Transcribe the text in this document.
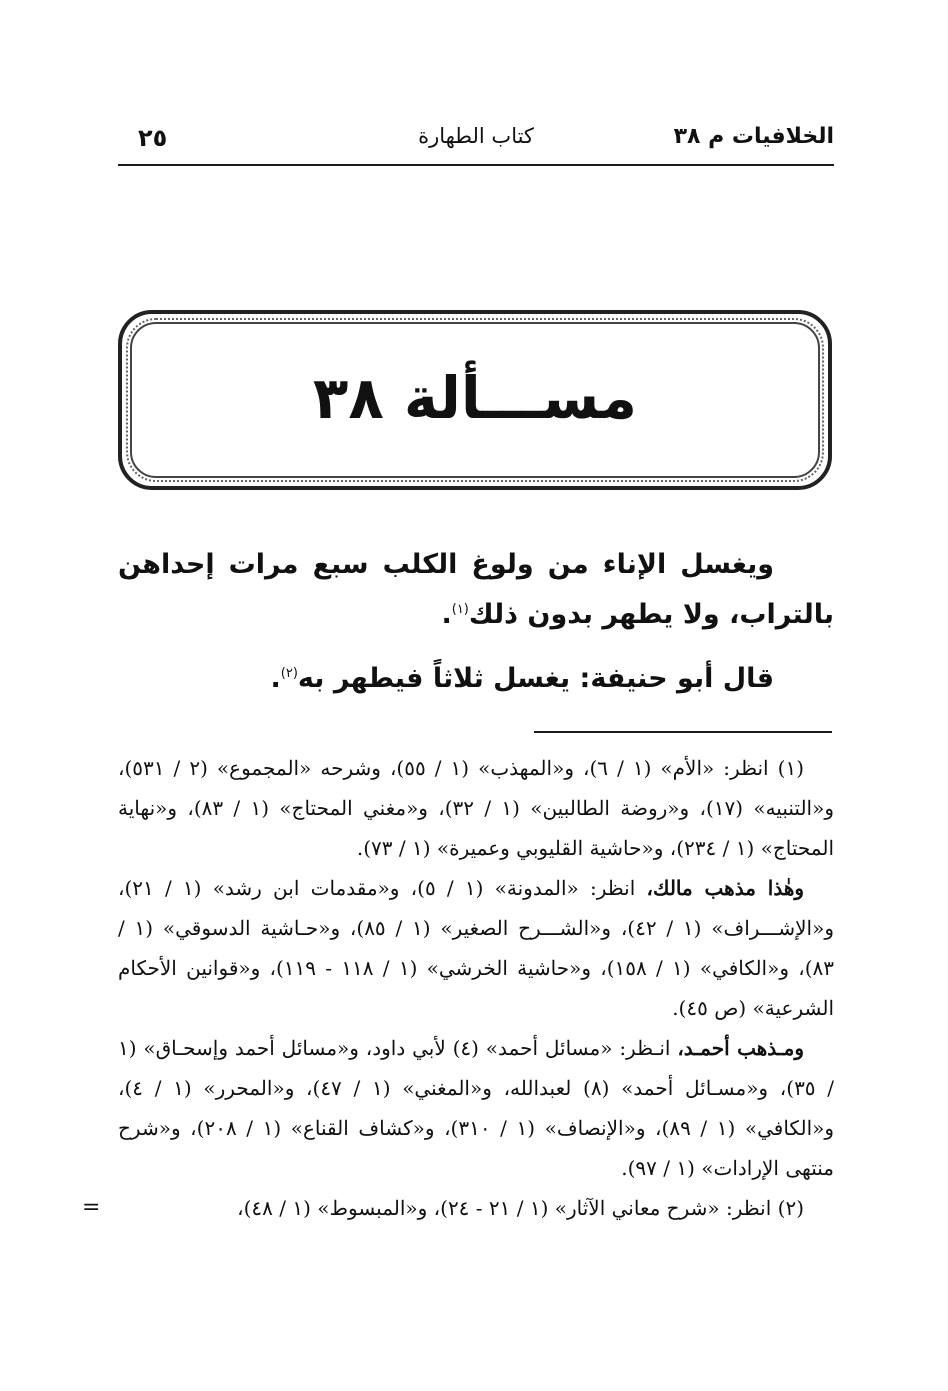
الخلافيات م ٣٨
كتاب الطهارة
٢٥
مســـألة ٣٨

ويغسل الإناء من ولوغ الكلب سبع مرات إحداهن بالتراب، ولا يطهر بدون ذلك$^{(١)}$.

قال أبو حنيفة: يغسل ثلاثاً فيطهر به$^{(٢)}$.

(١) انظر: «الأم» (١ / ٦)، و«المهذب» (١ / ٥٥)، وشرحه «المجموع» (٢ / ٥٣١)، و«التنبيه» (١٧)، و«روضة الطالبين» (١ / ٣٢)، و«مغني المحتاج» (١ / ٨٣)، و«نهاية المحتاج» (١ / ٢٣٤)، و«حاشية القليوبي وعميرة» (١ / ٧٣).

وهٰذا مذهب مالك، انظر: «المدونة» (١ / ٥)، و«مقدمات ابن رشد» (١ / ٢١)، و«الإشـــراف» (١ / ٤٢)، و«الشـــرح الصغير» (١ / ٨٥)، و«حـاشية الدسوقي» (١ / ٨٣)، و«الكافي» (١ / ١٥٨)، و«حاشية الخرشي» (١ / ١١٨ - ١١٩)، و«قوانين الأحكام الشرعية» (ص ٤٥).

ومـذهب أحمـد، انـظر: «مسائل أحمد» (٤) لأبي داود، و«مسائل أحمد وإسحـاق» (١ / ٣٥)، و«مسـائل أحمد» (٨) لعبدالله، و«المغني» (١ / ٤٧)، و«المحرر» (١ / ٤)، و«الكافي» (١ / ٨٩)، و«الإنصاف» (١ / ٣١٠)، و«كشاف القناع» (١ / ٢٠٨)، و«شرح منتهى الإرادات» (١ / ٩٧).

(٢) انظر: «شرح معاني الآثار» (١ / ٢١ - ٢٤)، و«المبسوط» (١ / ٤٨)،
=
